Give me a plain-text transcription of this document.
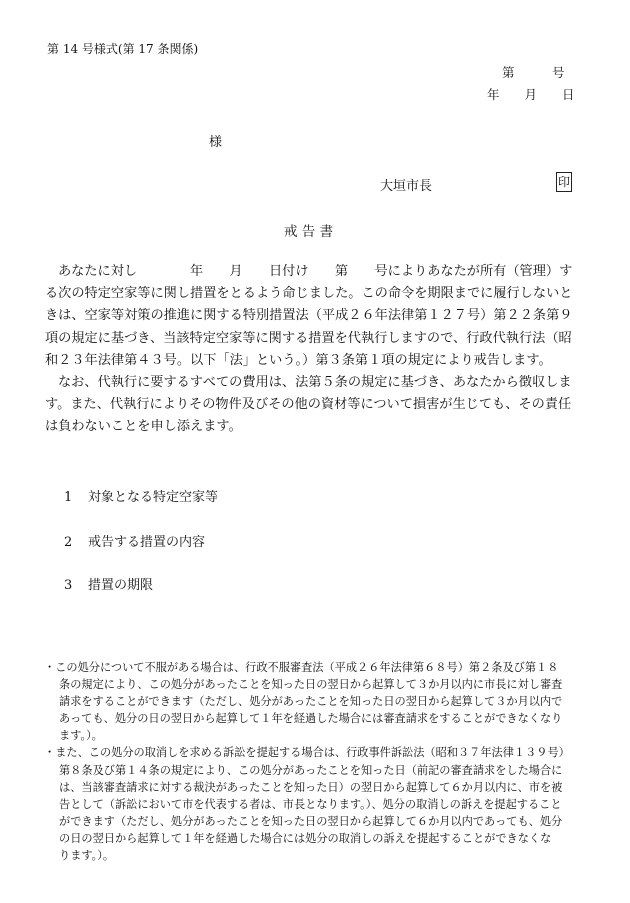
第 14 号様式(第 17 条関係)
第　　　号
年　　月　　日
様
大垣市長	印
戒 告 書

あなたに対し　　　　年　　月　　日付け　　第　　号によりあなたが所有（管理）す
る次の特定空家等に関し措置をとるよう命じました。この命令を期限までに履行しないと
きは、空家等対策の推進に関する特別措置法（平成２６年法律第１２７号）第２２条第９
項の規定に基づき、当該特定空家等に関する措置を代執行しますので、行政代執行法（昭
和２３年法律第４３号。以下「法」という。）第３条第１項の規定により戒告します。

なお、代執行に要するすべての費用は、法第５条の規定に基づき、あなたから徴収しま
す。また、代執行によりその物件及びその他の資材等について損害が生じても、その責任
は負わないことを申し添えます。

1 対象となる特定空家等
2 戒告する措置の内容
3 措置の期限
・この処分について不服がある場合は、行政不服審査法（平成２６年法律第６８号）第２条及び第１８
条の規定により、この処分があったことを知った日の翌日から起算して３か月以内に市長に対し審査
請求をすることができます（ただし、処分があったことを知った日の翌日から起算して３か月以内で
あっても、処分の日の翌日から起算して１年を経過した場合には審査請求をすることができなくなり
ます。）。
・また、この処分の取消しを求める訴訟を提起する場合は、行政事件訴訟法（昭和３７年法律１３９号）
第８条及び第１４条の規定により、この処分があったことを知った日（前記の審査請求をした場合に
は、当該審査請求に対する裁決があったことを知った日）の翌日から起算して６か月以内に、市を被
告として（訴訟において市を代表する者は、市長となります。）、処分の取消しの訴えを提起すること
ができます（ただし、処分があったことを知った日の翌日から起算して６か月以内であっても、処分
の日の翌日から起算して１年を経過した場合には処分の取消しの訴えを提起することができなくな
ります。）。
